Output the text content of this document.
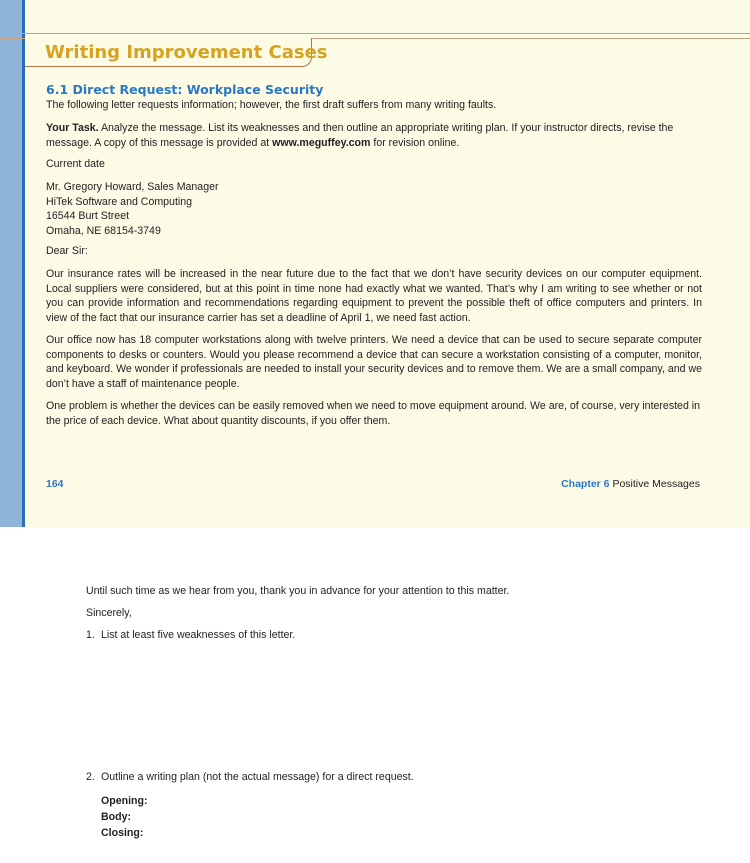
Writing Improvement Cases
6.1 Direct Request: Workplace Security
The following letter requests information; however, the first draft suffers from many writing faults.
Your Task. Analyze the message. List its weaknesses and then outline an appropriate writing plan. If your instructor directs, revise the message. A copy of this message is provided at www.meguffey.com for revision online.
Current date
Mr. Gregory Howard, Sales Manager
HiTek Software and Computing
16544 Burt Street
Omaha, NE 68154-3749
Dear Sir:
Our insurance rates will be increased in the near future due to the fact that we don’t have security devices on our computer equipment. Local suppliers were considered, but at this point in time none had exactly what we wanted. That’s why I am writing to see whether or not you can provide information and recommendations regarding equipment to prevent the possible theft of office computers and printers. In view of the fact that our insurance carrier has set a deadline of April 1, we need fast action.
Our office now has 18 computer workstations along with twelve printers. We need a device that can be used to secure separate computer components to desks or counters. Would you please recommend a device that can secure a workstation consisting of a computer, monitor, and keyboard. We wonder if professionals are needed to install your security devices and to remove them. We are a small company, and we don’t have a staff of maintenance people.
One problem is whether the devices can be easily removed when we need to move equipment around. We are, of course, very interested in the price of each device. What about quantity discounts, if you offer them.
164	Chapter 6 Positive Messages
Until such time as we hear from you, thank you in advance for your attention to this matter.
Sincerely,
1. List at least five weaknesses of this letter.
2. Outline a writing plan (not the actual message) for a direct request.
Opening:
Body:
Closing:
